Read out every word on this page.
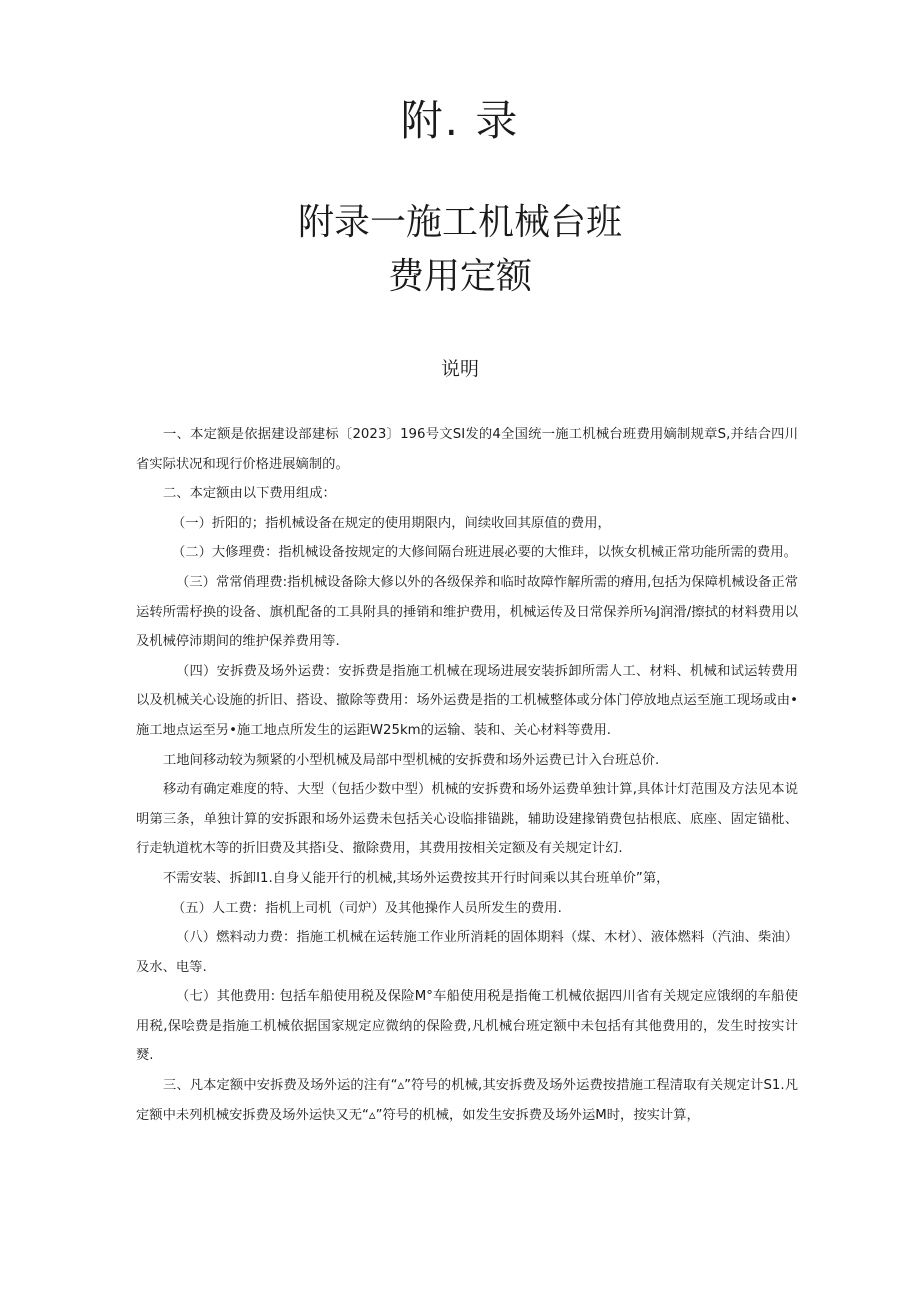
附. 录
附录一施工机械台班
费用定额
说明

一、本定额是依据建设部建标〔2023〕196号文SI发的4全国统一施工机械台班费用嫡制规章S,并结合四川省实际状况和现行价格进展嫡制的。

二、本定额由以下费用组成：

（一）折阳的；指机械设备在规定的使用期限内，间续收回其原值的费用，

（二）大修理费：指机械设备按规定的大修间隔台班进展必要的大惟玤，以恢女机械正常功能所需的费用。

（三）常常俏理费:指机械设备除大修以外的各级保养和临时故障怍解所需的瘠用,包括为保障机械设备正常运转所需杼换的设备、旗机配备的工具附具的捶销和维护费用，机械运传及日常保养所⅛J润滑/擦拭的材料费用以及机械停沛期间的维护保养费用等.

（四）安拆费及场外运费：安拆费是指施工机械在现场进展安装拆卸所需人工、材料、机械和试运转费用以及机械关心设施的折旧、搭设、撤除等费用：场外运费是指的工机械整体或分体门停放地点运至施工现场或由•施工地点运至另•施工地点所发生的运距W25km的运输、装和、关心材料等费用.

工地间移动较为频紧的小型机械及局部中型机械的安拆费和场外运费已计入台班总价.

移动有确定难度的特、大型（包括少数中型）机械的安拆费和场外运费单独计算,具体计灯范围及方法见本说明第三条，单独计算的安拆跟和场外运费未包括关心设临排锚跳，辅助设建掾销费包拈根底、底座、固定锚枇、行走轨道枕木等的折旧费及其搭i殳、撤除费用，其费用按相关定额及有关规定计幻.

不需安装、拆卸I1.自身乂能开行的机械,其场外运费按其开行时间乘以其台班单价”第，

（五）人工费：指机上司机（司炉）及其他操作人员所发生的费用.

（八）燃料动力费：指施工机械在运转施工作业所消耗的固体期料（煤、木材）、液体燃料（汽油、柴油）及水、电等.

（七）其他费用: 包括车船使用税及保险M°车船使用税是指俺工机械依据四川省有关规定应饿纲的车船使用税,保哙费是指施工机械依据国家规定应微纳的保险费,凡机械台班定额中未包括有其他费用的，发生时按实计燹.

三、凡本定额中安拆费及场外运的注有“▵”符号的机械,其安拆费及场外运费按措施工程清取有关规定计S1.凡定额中未列机械安拆费及场外运快又无“▵”符号的机械，如发生安拆费及场外运M时，按实计算，
